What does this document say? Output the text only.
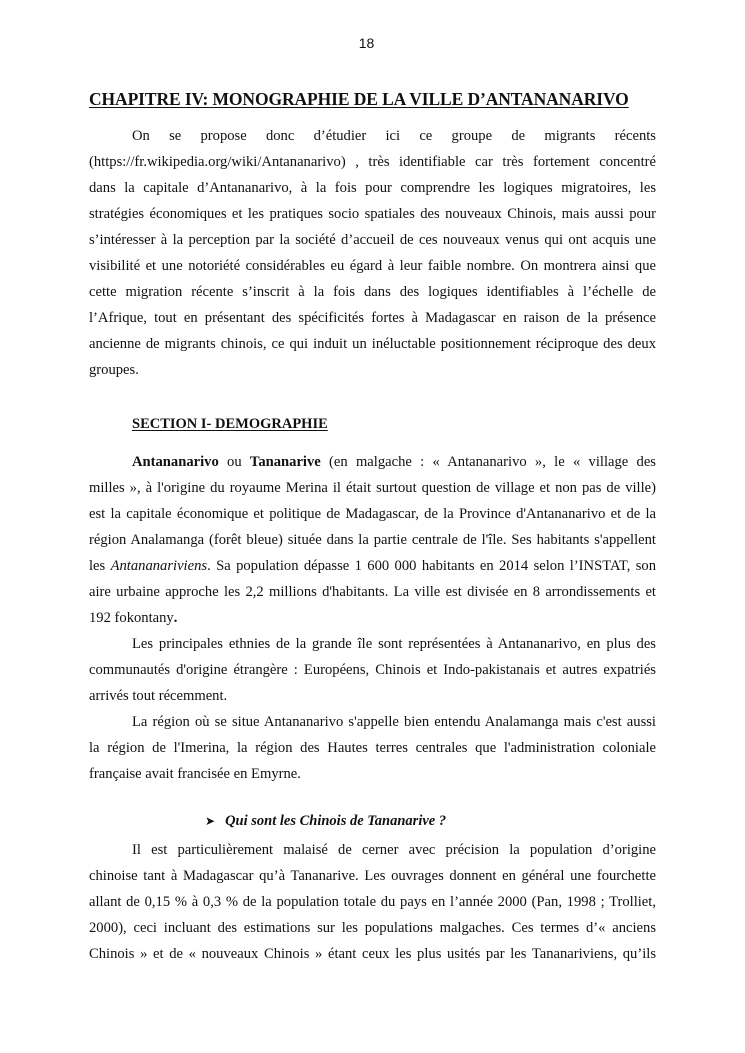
18
CHAPITRE IV: MONOGRAPHIE DE LA VILLE D’ANTANANARIVO
On se propose donc d’étudier ici ce groupe de migrants récents
(https://fr.wikipedia.org/wiki/Antananarivo) , très identifiable car très fortement concentré
dans la capitale d’Antananarivo, à la fois pour comprendre les logiques migratoires, les
stratégies économiques et les pratiques socio spatiales des nouveaux Chinois, mais aussi pour
s’intéresser à la perception par la société d’accueil de ces nouveaux venus qui ont acquis une
visibilité et une notoriété considérables eu égard à leur faible nombre. On montrera ainsi que
cette migration récente s’inscrit à la fois dans des logiques identifiables à l’échelle de
l’Afrique, tout en présentant des spécificités fortes à Madagascar en raison de la présence
ancienne de migrants chinois, ce qui induit un inéluctable positionnement réciproque des deux
groupes.
SECTION I- DEMOGRAPHIE
Antananarivo ou Tananarive (en malgache : « Antananarivo », le « village des
milles », à l'origine du royaume Merina il était surtout question de village et non pas de ville)
est la capitale économique et politique de Madagascar, de la Province d'Antananarivo et de la
région Analamanga (forêt bleue) située dans la partie centrale de l'île. Ses habitants s'appellent
les Antananariviens. Sa population dépasse 1 600 000 habitants en 2014 selon l’INSTAT, son
aire urbaine approche les 2,2 millions d'habitants. La ville est divisée en 8 arrondissements et
192 fokontany.
Les principales ethnies de la grande île sont représentées à Antananarivo, en plus des
communautés d'origine étrangère : Européens, Chinois et Indo-pakistanais et autres expatriés
arrivés tout récemment.
La région où se situe Antananarivo s'appelle bien entendu Analamanga mais c'est aussi
la région de l'Imerina, la région des Hautes terres centrales que l'administration coloniale
française avait francisée en Emyrne.
➤ Qui sont les Chinois de Tananarive ?
Il est particulièrement malaisé de cerner avec précision la population d’origine
chinoise tant à Madagascar qu’à Tananarive. Les ouvrages donnent en général une fourchette
allant de 0,15 % à 0,3 % de la population totale du pays en l’année 2000 (Pan, 1998 ; Trolliet,
2000), ceci incluant des estimations sur les populations malgaches. Ces termes d’« anciens
Chinois » et de « nouveaux Chinois » étant ceux les plus usités par les Tananariviens, qu’ils
